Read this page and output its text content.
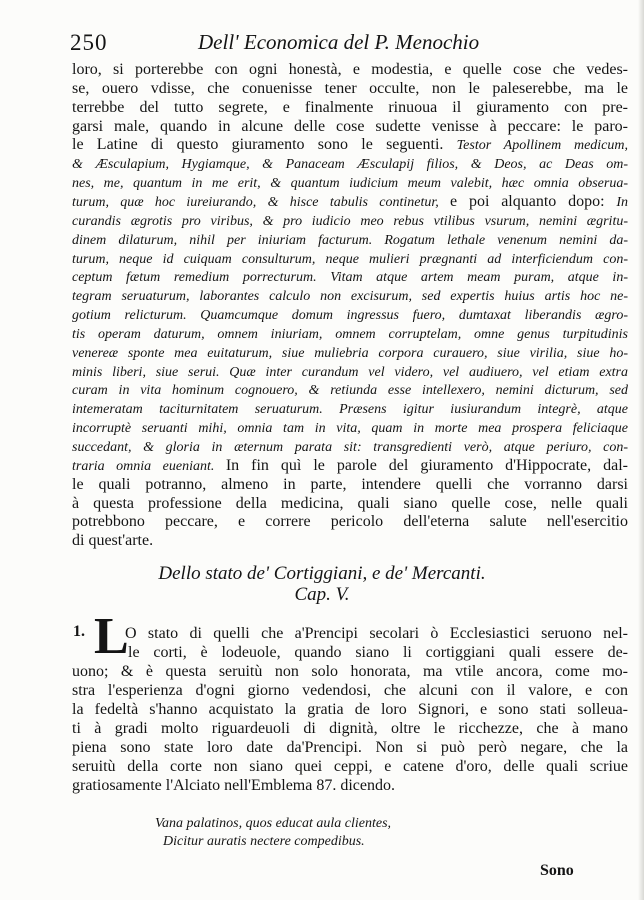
250	Dell' Economica del P. Menochio
loro, si porterebbe con ogni honestà, e modestia, e quelle cose che vedes-
se, ouero vdisse, che conuenisse tener occulte, non le paleserebbe, ma le
terrebbe del tutto segrete, e finalmente rinuoua il giuramento con pre-
garsi male, quando in alcune delle cose sudette venisse à peccare: le paro-
le Latine di questo giuramento sono le seguenti. Testor Apollinem medicum,
& Æsculapium, Hygiamque, & Panaceam Æsculapij filios, & Deos, ac Deas om-
nes, me, quantum in me erit, & quantum iudicium meum valebit, hæc omnia obserua-
turum, quæ hoc iureiurando, & hisce tabulis continetur, e poi alquanto dopo: In
curandis ægrotis pro viribus, & pro iudicio meo rebus vtilibus vsurum, nemini ægritu-
dinem dilaturum, nihil per iniuriam facturum. Rogatum lethale venenum nemini da-
turum, neque id cuiquam consulturum, neque mulieri prægnanti ad interficiendum con-
ceptum fætum remedium porrecturum. Vitam atque artem meam puram, atque in-
tegram seruaturum, laborantes calculo non excisurum, sed expertis huius artis hoc ne-
gotium relicturum. Quamcumque domum ingressus fuero, dumtaxat liberandis ægro-
tis operam daturum, omnem iniuriam, omnem corruptelam, omne genus turpitudinis
venereæ sponte mea euitaturum, siue muliebria corpora curauero, siue virilia, siue ho-
minis liberi, siue serui. Quæ inter curandum vel videro, vel audiuero, vel etiam extra
curam in vita hominum cognouero, & retiunda esse intellexero, nemini dicturum, sed
intemeratam taciturnitatem seruaturum. Præsens igitur iusiurandum integrè, atque
incorruptè seruanti mihi, omnia tam in vita, quam in morte mea prospera feliciaque
succedant, & gloria in æternum parata sit: transgredienti verò, atque periuro, con-
traria omnia eueniant. In fin quì le parole del giuramento d'Hippocrate, dal-
le quali potranno, almeno in parte, intendere quelli che vorranno darsi
à questa professione della medicina, quali siano quelle cose, nelle quali
potrebbono peccare, e correre pericolo dell'eterna salute nell'esercitio
di quest'arte.
Dello stato de' Cortiggiani, e de' Mercanti.
Cap. V.
1. L
O stato di quelli che a'Prencipi secolari ò Ecclesiastici seruono nel-
le corti, è lodeuole, quando siano li cortiggiani quali essere de-
uono; & è questa seruitù non solo honorata, ma vtile ancora, come mo-
stra l'esperienza d'ogni giorno vedendosi, che alcuni con il valore, e con
la fedeltà s'hanno acquistato la gratia de loro Signori, e sono stati solleua-
ti à gradi molto riguardeuoli di dignità, oltre le ricchezze, che à mano
piena sono state loro date da'Prencipi. Non si può però negare, che la
seruitù della corte non siano quei ceppi, e catene d'oro, delle quali scriue
gratiosamente l'Alciato nell'Emblema 87. dicendo.
Vana palatinos, quos educat aula clientes,
Dicitur auratis nectere compedibus.
Sono
